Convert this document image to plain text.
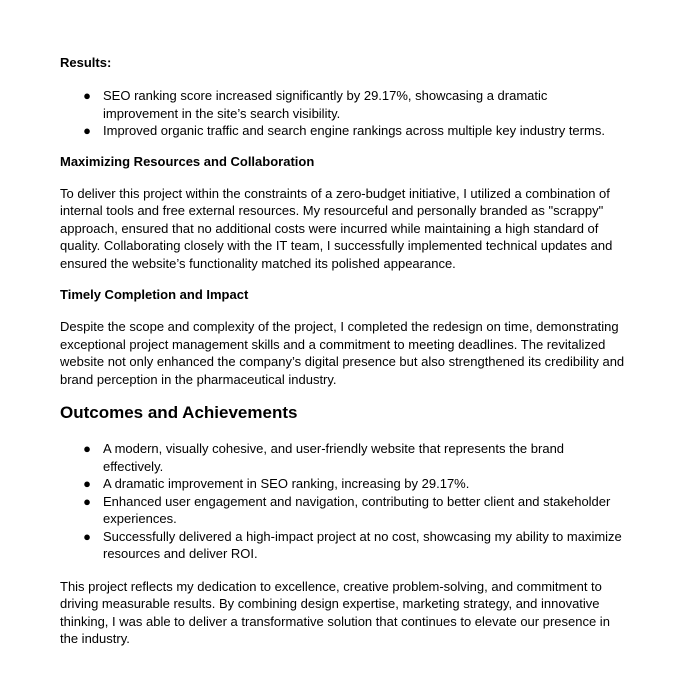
Results:

● SEO ranking score increased significantly by 29.17%, showcasing a dramatic improvement in the site’s search visibility.
● Improved organic traffic and search engine rankings across multiple key industry terms.

Maximizing Resources and Collaboration

To deliver this project within the constraints of a zero-budget initiative, I utilized a combination of internal tools and free external resources. My resourceful and personally branded as "scrappy" approach, ensured that no additional costs were incurred while maintaining a high standard of quality. Collaborating closely with the IT team, I successfully implemented technical updates and ensured the website’s functionality matched its polished appearance.

Timely Completion and Impact

Despite the scope and complexity of the project, I completed the redesign on time, demonstrating exceptional project management skills and a commitment to meeting deadlines. The revitalized website not only enhanced the company’s digital presence but also strengthened its credibility and brand perception in the pharmaceutical industry.

Outcomes and Achievements

● A modern, visually cohesive, and user-friendly website that represents the brand effectively.
● A dramatic improvement in SEO ranking, increasing by 29.17%.
● Enhanced user engagement and navigation, contributing to better client and stakeholder experiences.
● Successfully delivered a high-impact project at no cost, showcasing my ability to maximize resources and deliver ROI.

This project reflects my dedication to excellence, creative problem-solving, and commitment to driving measurable results. By combining design expertise, marketing strategy, and innovative thinking, I was able to deliver a transformative solution that continues to elevate our presence in the industry.
